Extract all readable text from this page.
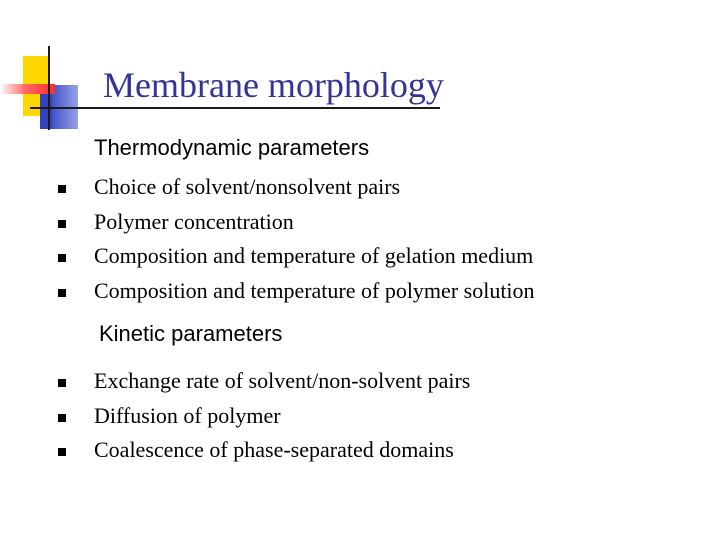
Membrane morphology
Thermodynamic parameters
Choice of solvent/nonsolvent pairs
Polymer concentration
Composition and temperature of gelation medium
Composition and temperature of polymer solution
Kinetic parameters
Exchange rate of solvent/non-solvent pairs
Diffusion of polymer
Coalescence of phase-separated domains
